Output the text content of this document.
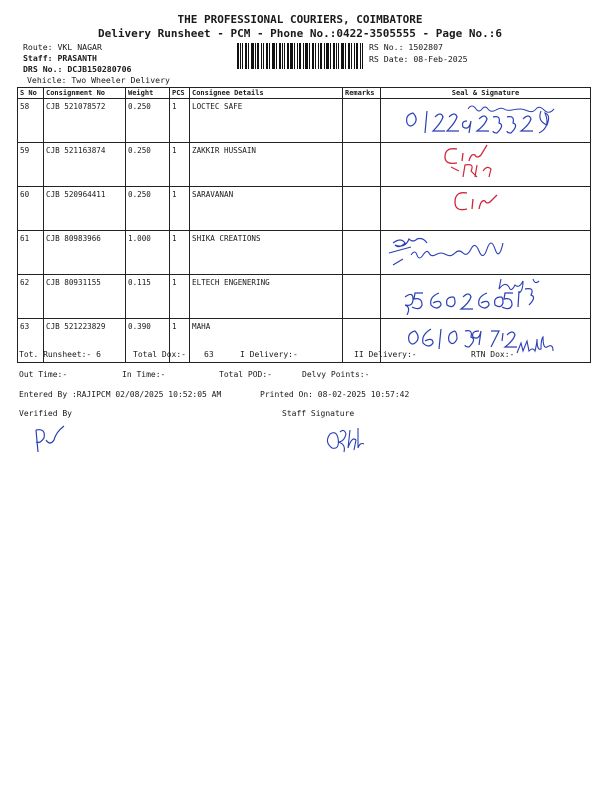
THE PROFESSIONAL COURIERS, COIMBATORE
Delivery Runsheet - PCM - Phone No.:0422-3505555 - Page No.:6
Route: VKL NAGAR
Staff: PRASANTH
DRS No.: DCJB150280706
Vehicle: Two Wheeler Delivery
RS No.: 1502807
RS Date: 08-Feb-2025
S No	Consignment No	Weight	PCS	Consignee Details	Remarks	Seal & Signature
58	CJB 521078572	0.250	1	LOCTEC SAFE		

59	CJB 521163874	0.250	1	ZAKKIR HUSSAIN		

60	CJB 520964411	0.250	1	SARAVANAN		

61	CJB 80983966	1.000	1	SHIKA CREATIONS		

62	CJB 80931155	0.115	1	ELTECH ENGENERING		

63	CJB 521223829	0.390	1	MAHA		
Tot. Runsheet:- 6	Total Dox:- 63	I Delivery:-	II Delivery:-	RTN Dox:-
Out Time:-	In Time:-	Total POD:-	Delvy Points:-
Entered By :RAJIPCM 02/08/2025 10:52:05 AM	Printed On: 08-02-2025 10:57:42
Verified By	Staff Signature
